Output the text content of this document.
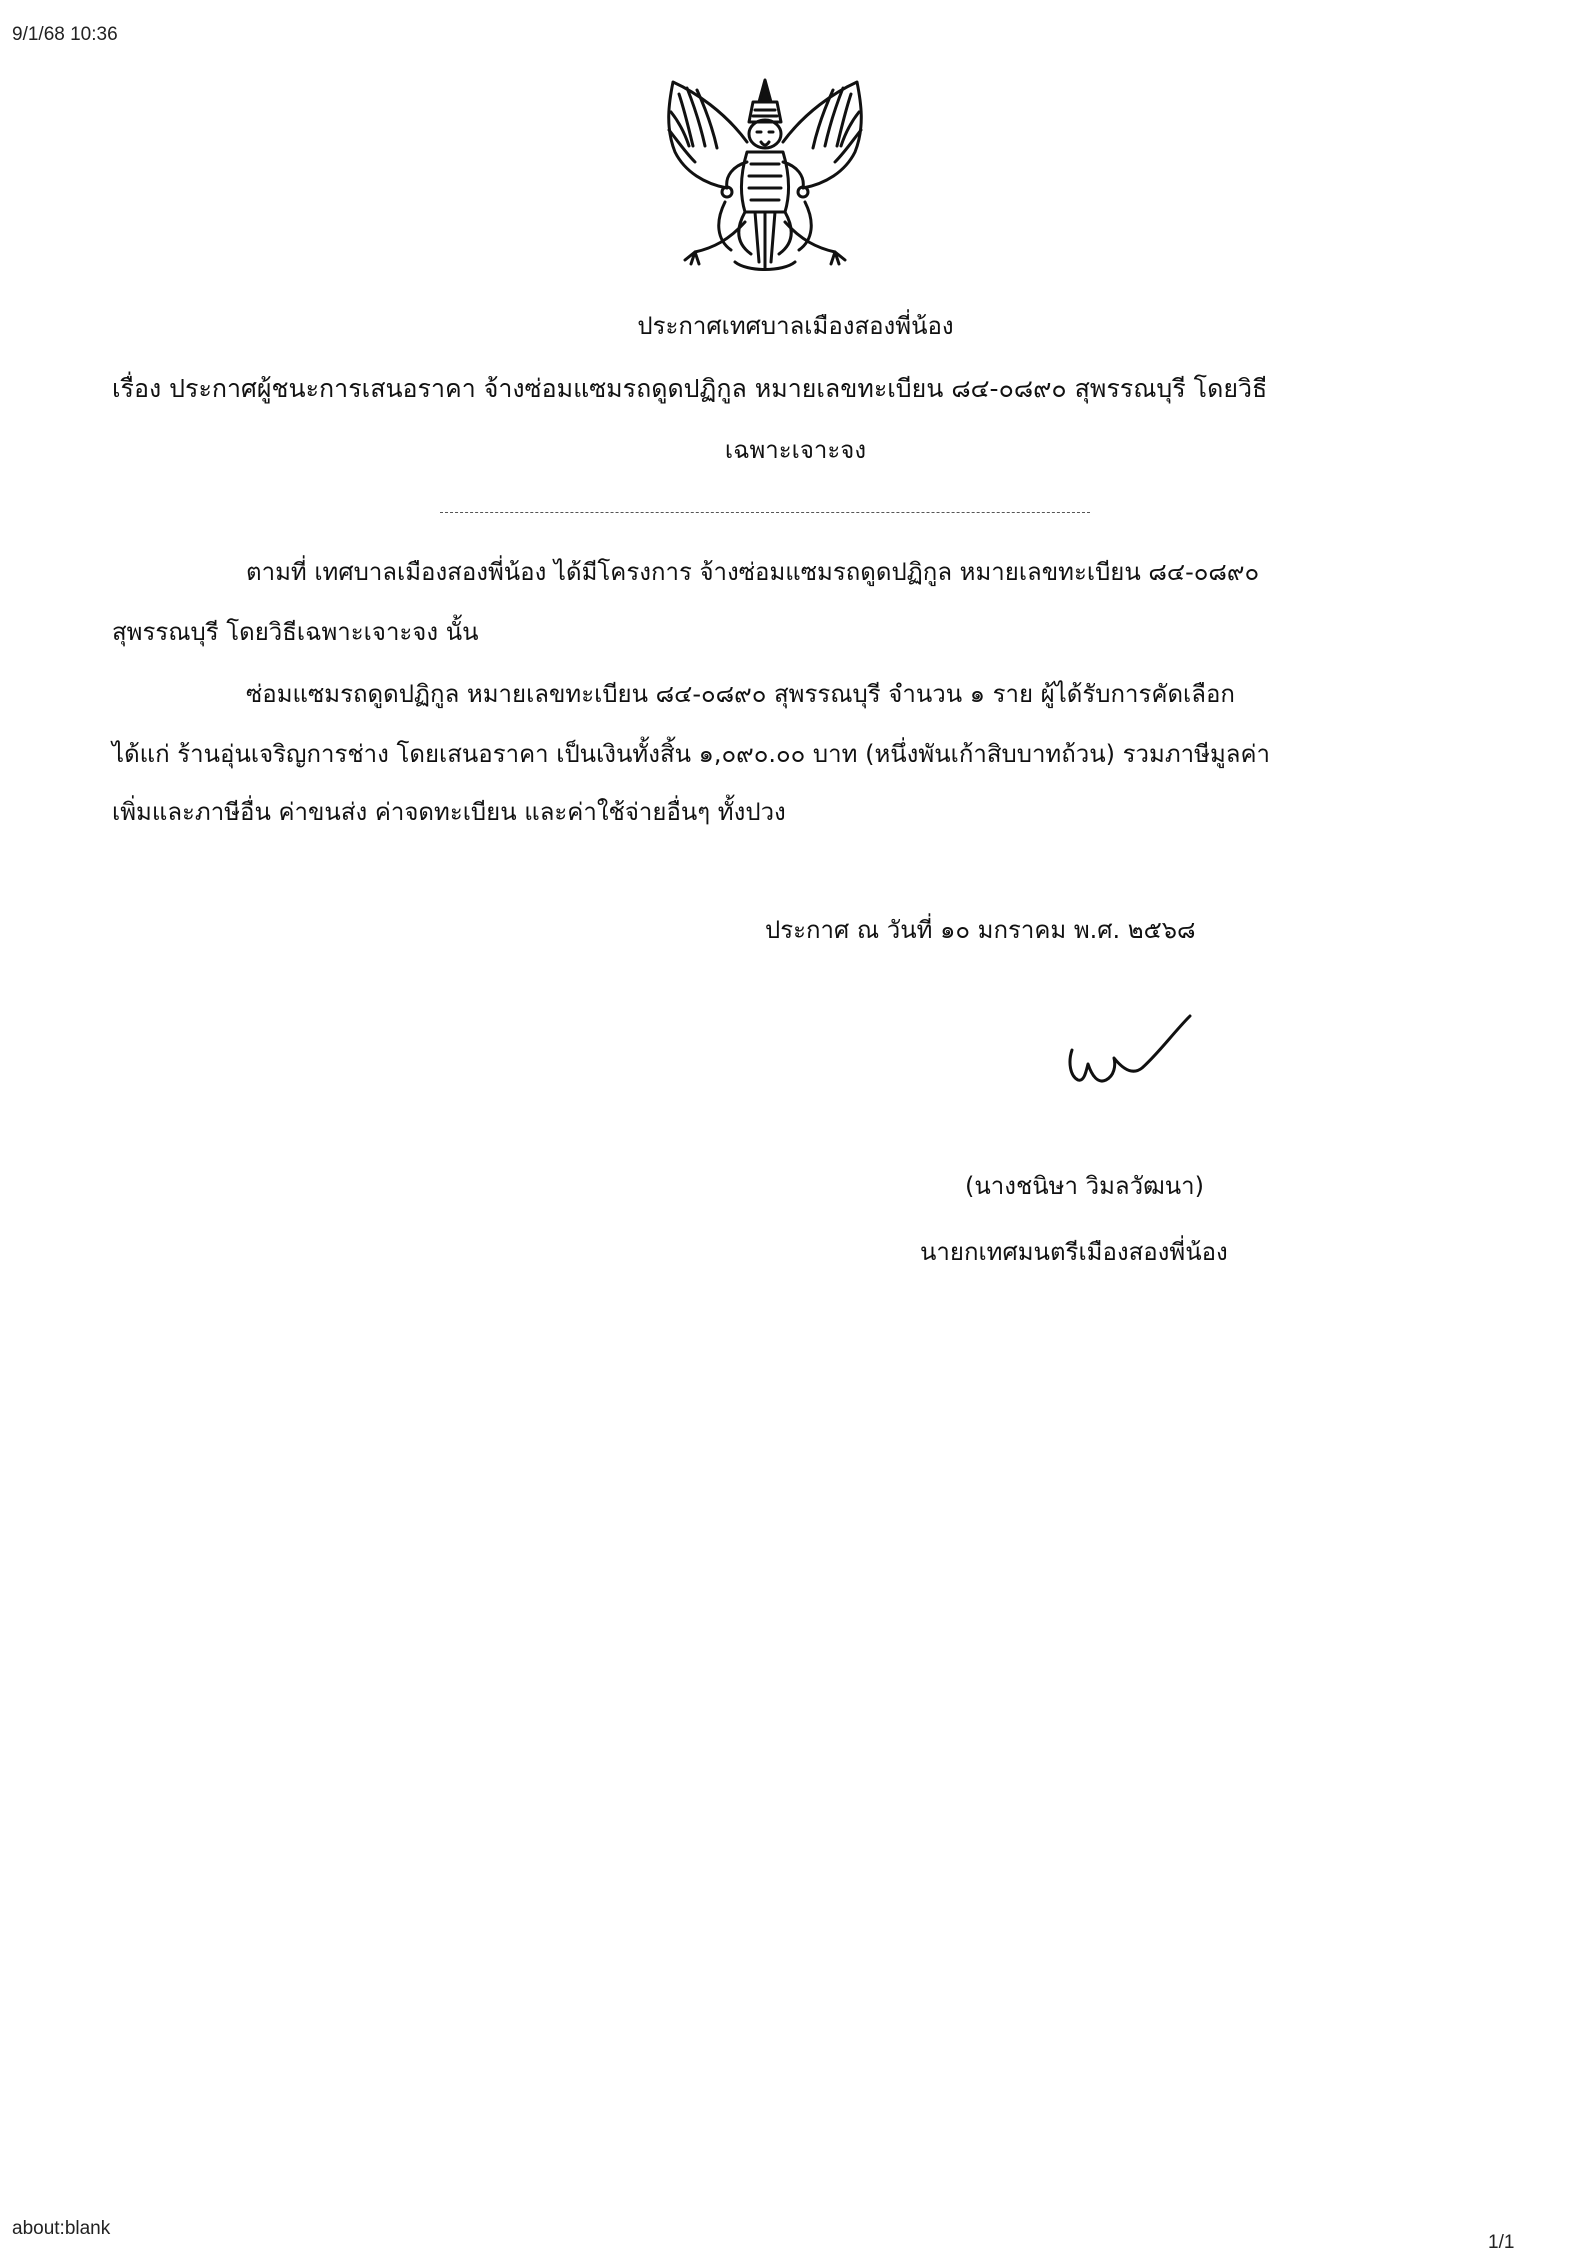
9/1/68 10:36
ประกาศเทศบาลเมืองสองพี่น้อง
เรื่อง ประกาศผู้ชนะการเสนอราคา จ้างซ่อมแซมรถดูดปฏิกูล หมายเลขทะเบียน ๘๔-๐๘๙๐ สุพรรณบุรี โดยวิธี
เฉพาะเจาะจง
ตามที่ เทศบาลเมืองสองพี่น้อง ได้มีโครงการ จ้างซ่อมแซมรถดูดปฏิกูล หมายเลขทะเบียน ๘๔-๐๘๙๐
สุพรรณบุรี โดยวิธีเฉพาะเจาะจง นั้น
ซ่อมแซมรถดูดปฏิกูล หมายเลขทะเบียน ๘๔-๐๘๙๐ สุพรรณบุรี จำนวน ๑ ราย ผู้ได้รับการคัดเลือก
ได้แก่ ร้านอุ่นเจริญการช่าง โดยเสนอราคา เป็นเงินทั้งสิ้น ๑,๐๙๐.๐๐ บาท (หนึ่งพันเก้าสิบบาทถ้วน) รวมภาษีมูลค่า
เพิ่มและภาษีอื่น ค่าขนส่ง ค่าจดทะเบียน และค่าใช้จ่ายอื่นๆ ทั้งปวง
ประกาศ ณ วันที่ ๑๐ มกราคม พ.ศ. ๒๕๖๘
(นางชนิษา วิมลวัฒนา)
นายกเทศมนตรีเมืองสองพี่น้อง
about:blank
1/1
